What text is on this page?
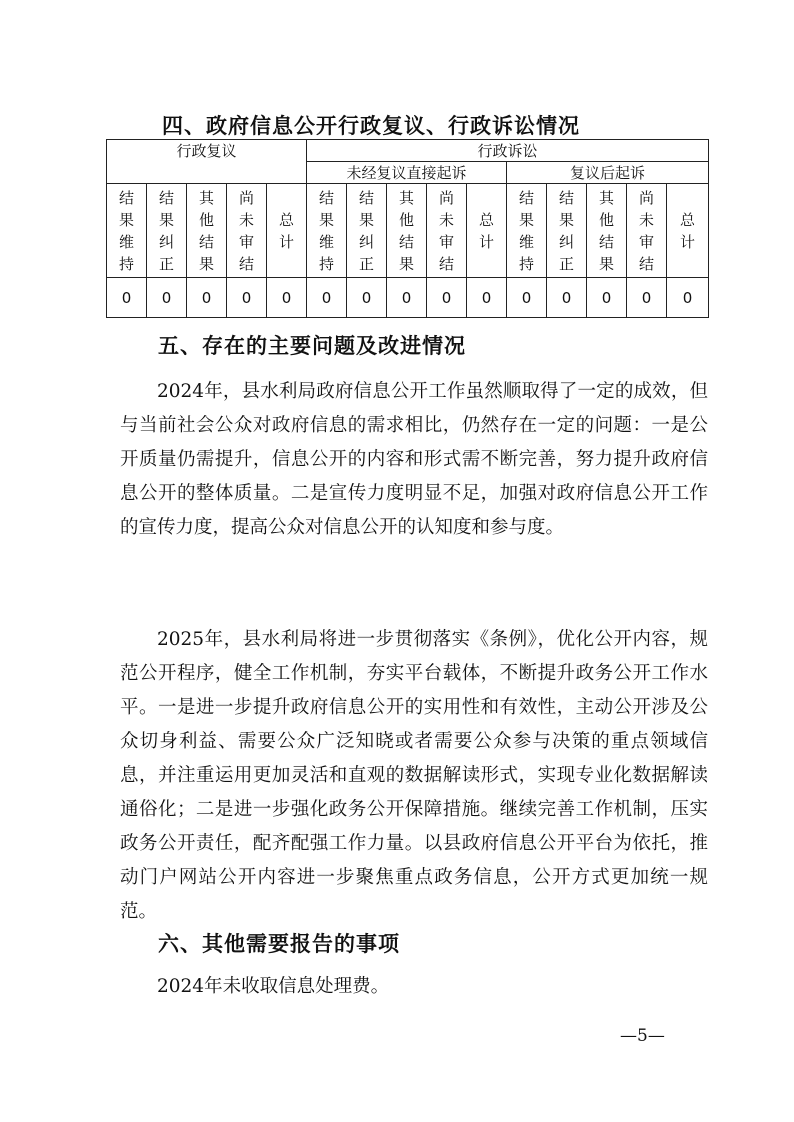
四、政府信息公开行政复议、行政诉讼情况
行政复议					行政诉讼									
					未经复议直接起诉					复议后起诉				
结果维持	结果纠正	其他结果	尚未审结	总计	结果维持	结果纠正	其他结果	尚未审结	总计	结果维持	结果纠正	其他结果	尚未审结	总计
0	0	0	0	0	0	0	0	0	0	0	0	0	0	0
五、存在的主要问题及改进情况

2024年，县水利局政府信息公开工作虽然顺取得了一定的成效，但与当前社会公众对政府信息的需求相比，仍然存在一定的问题：一是公开质量仍需提升，信息公开的内容和形式需不断完善，努力提升政府信息公开的整体质量。二是宣传力度明显不足，加强对政府信息公开工作的宣传力度，提高公众对信息公开的认知度和参与度。

2025年，县水利局将进一步贯彻落实《条例》，优化公开内容，规范公开程序，健全工作机制，夯实平台载体，不断提升政务公开工作水平。一是进一步提升政府信息公开的实用性和有效性，主动公开涉及公众切身利益、需要公众广泛知晓或者需要公众参与决策的重点领域信息，并注重运用更加灵活和直观的数据解读形式，实现专业化数据解读通俗化；二是进一步强化政务公开保障措施。继续完善工作机制，压实政务公开责任，配齐配强工作力量。以县政府信息公开平台为依托，推动门户网站公开内容进一步聚焦重点政务信息，公开方式更加统一规范。

六、其他需要报告的事项

2024年未收取信息处理费。

—5—
